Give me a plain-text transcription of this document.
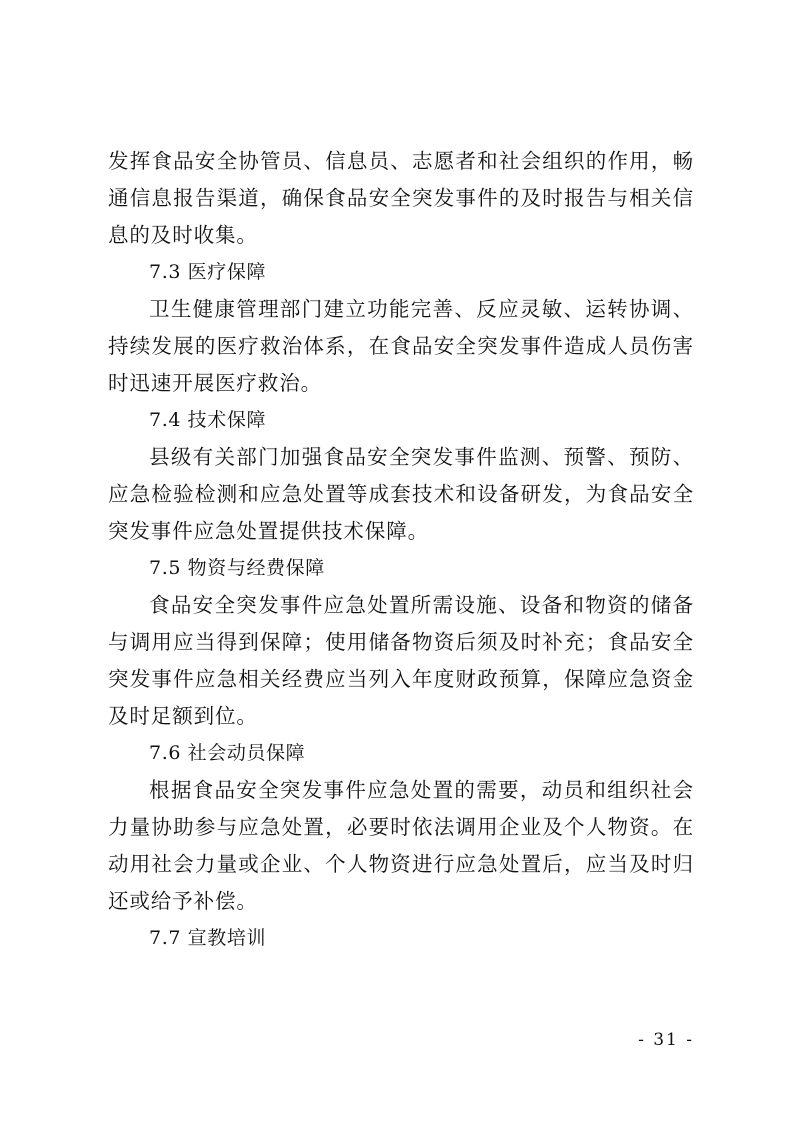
发挥食品安全协管员、信息员、志愿者和社会组织的作用，畅通信息报告渠道，确保食品安全突发事件的及时报告与相关信息的及时收集。

7.3 医疗保障

卫生健康管理部门建立功能完善、反应灵敏、运转协调、持续发展的医疗救治体系，在食品安全突发事件造成人员伤害时迅速开展医疗救治。

7.4 技术保障

县级有关部门加强食品安全突发事件监测、预警、预防、应急检验检测和应急处置等成套技术和设备研发，为食品安全突发事件应急处置提供技术保障。

7.5 物资与经费保障

食品安全突发事件应急处置所需设施、设备和物资的储备与调用应当得到保障；使用储备物资后须及时补充；食品安全突发事件应急相关经费应当列入年度财政预算，保障应急资金及时足额到位。

7.6 社会动员保障

根据食品安全突发事件应急处置的需要，动员和组织社会力量协助参与应急处置，必要时依法调用企业及个人物资。在动用社会力量或企业、个人物资进行应急处置后，应当及时归还或给予补偿。

7.7 宣教培训

- 31 -
